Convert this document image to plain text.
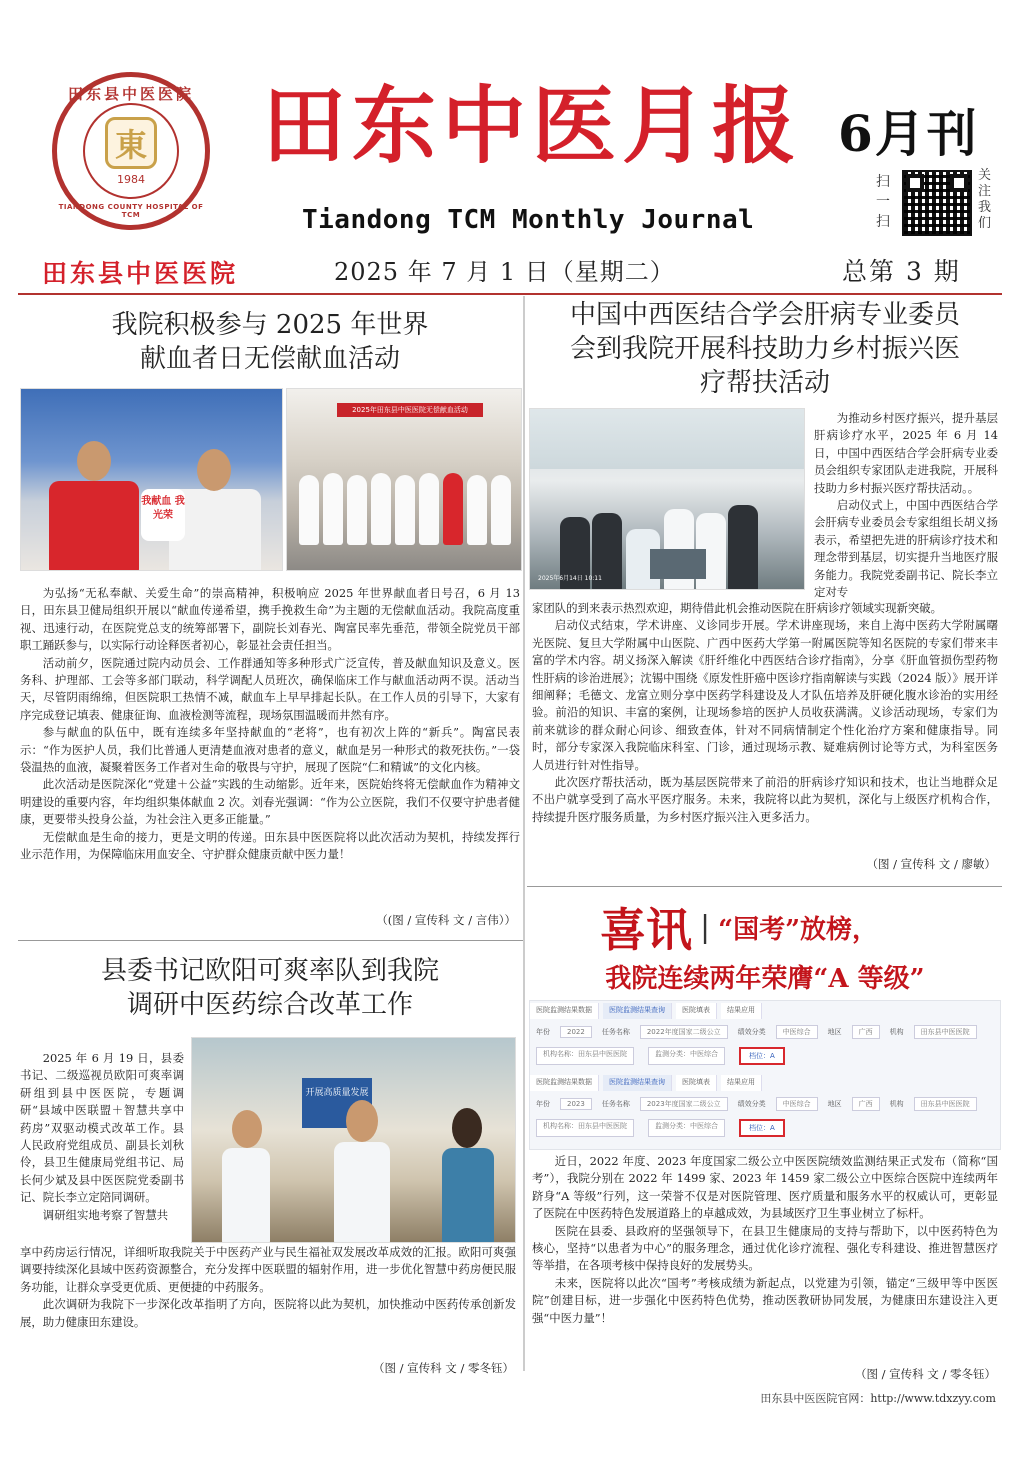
田东县中医医院
東
1984
TIANDONG COUNTY HOSPITAL OF TCM
田东中医月报
Tiandong TCM Monthly Journal
6月刊
扫一扫
关注我们
田东县中医医院	2025 年 7 月 1 日（星期二）	总第 3 期
我院积极参与 2025 年世界
献血者日无偿献血活动
我献血 我光荣
2025年田东县中医医院无偿献血活动

为弘扬“无私奉献、关爱生命”的崇高精神，积极响应 2025 年世界献血者日号召，6 月 13 日，田东县卫健局组织开展以“献血传递希望，携手挽救生命”为主题的无偿献血活动。我院高度重视、迅速行动，在医院党总支的统筹部署下，副院长刘春光、陶富民率先垂范，带领全院党员干部职工踊跃参与，以实际行动诠释医者初心，彰显社会责任担当。

活动前夕，医院通过院内动员会、工作群通知等多种形式广泛宣传，普及献血知识及意义。医务科、护理部、工会等多部门联动，科学调配人员班次，确保临床工作与献血活动两不误。活动当天，尽管阴雨绵绵，但医院职工热情不减，献血车上早早排起长队。在工作人员的引导下，大家有序完成登记填表、健康征询、血液检测等流程，现场氛围温暖而井然有序。

参与献血的队伍中，既有连续多年坚持献血的“老将”，也有初次上阵的“新兵”。陶富民表示：“作为医护人员，我们比普通人更清楚血液对患者的意义，献血是另一种形式的救死扶伤。”一袋袋温热的血液，凝聚着医务工作者对生命的敬畏与守护，展现了医院“仁和精诚”的文化内核。

此次活动是医院深化“党建＋公益”实践的生动缩影。近年来，医院始终将无偿献血作为精神文明建设的重要内容，年均组织集体献血 2 次。刘春光强调：“作为公立医院，我们不仅要守护患者健康，更要带头投身公益，为社会注入更多正能量。”

无偿献血是生命的接力，更是文明的传递。田东县中医医院将以此次活动为契机，持续发挥行业示范作用，为保障临床用血安全、守护群众健康贡献中医力量！

（(图 / 宣传科 文 / 言伟））
中国中西医结合学会肝病专业委员
会到我院开展科技助力乡村振兴医
疗帮扶活动
2025年6月14日 10:11

为推动乡村医疗振兴，提升基层肝病诊疗水平，2025 年 6 月 14 日，中国中西医结合学会肝病专业委员会组织专家团队走进我院，开展科技助力乡村振兴医疗帮扶活动。。

启动仪式上，中国中西医结合学会肝病专业委员会专家组组长胡义扬表示，希望把先进的肝病诊疗技术和理念带到基层，切实提升当地医疗服务能力。我院党委副书记、院长李立定对专

家团队的到来表示热烈欢迎，期待借此机会推动医院在肝病诊疗领域实现新突破。

启动仪式结束，学术讲座、义诊同步开展。学术讲座现场，来自上海中医药大学附属曙光医院、复旦大学附属中山医院、广西中医药大学第一附属医院等知名医院的专家们带来丰富的学术内容。胡义扬深入解读《肝纤维化中西医结合诊疗指南》，分享《肝血管损伤型药物性肝病的诊治进展》；沈锡中围绕《原发性肝癌中医诊疗指南解读与实践（2024 版）》展开详细阐释；毛德文、龙富立则分享中医药学科建设及人才队伍培养及肝硬化腹水诊治的实用经验。前沿的知识、丰富的案例，让现场参培的医护人员收获满满。义诊活动现场，专家们为前来就诊的群众耐心问诊、细致查体，针对不同病情制定个性化治疗方案和健康指导。同时，部分专家深入我院临床科室、门诊，通过现场示教、疑难病例讨论等方式，为科室医务人员进行针对性指导。

此次医疗帮扶活动，既为基层医院带来了前沿的肝病诊疗知识和技术，也让当地群众足不出户就享受到了高水平医疗服务。未来，我院将以此为契机，深化与上级医疗机构合作，持续提升医疗服务质量，为乡村医疗振兴注入更多活力。

（图 / 宣传科 文 / 廖敏）
县委书记欧阳可爽率队到我院
调研中医药综合改革工作

2025 年 6 月 19 日，县委书记、二级巡视员欧阳可爽率调研组到县中医医院，专题调研“县域中医联盟＋智慧共享中药房”双驱动模式改革工作。县人民政府党组成员、副县长刘秋伶，县卫生健康局党组书记、局长何少斌及县中医医院党委副书记、院长李立定陪同调研。

调研组实地考察了智慧共

开展高质量发展
享中药房运行情况，详细听取我院关于中医药产业与民生福祉双发展改革成效的汇报。欧阳可爽强调要持续深化县域中医药资源整合，充分发挥中医联盟的辐射作用，进一步优化智慧中药房便民服务功能，让群众享受更优质、更便捷的中药服务。

此次调研为我院下一步深化改革指明了方向，医院将以此为契机，加快推动中医药传承创新发展，助力健康田东建设。

（图 / 宣传科 文 / 零冬钰）
喜讯 | “国考”放榜，
我院连续两年荣膺“A 等级”
医院监测结果数据	医院监测结果查询	医院填表	结果应用
年份	2022	任务名称	2022年度国家二级公立	绩效分类	中医综合	地区	广西	机构	田东县中医医院
机构名称：田东县中医医院	监测分类：中医综合	档位：A
医院监测结果数据	医院监测结果查询	医院填表	结果应用
年份	2023	任务名称	2023年度国家二级公立	绩效分类	中医综合	地区	广西	机构	田东县中医医院
机构名称：田东县中医医院	监测分类：中医综合	档位：A

近日，2022 年度、2023 年度国家二级公立中医医院绩效监测结果正式发布（简称“国考”），我院分别在 2022 年 1499 家、2023 年 1459 家二级公立中医综合医院中连续两年跻身“A 等级”行列，这一荣誉不仅是对医院管理、医疗质量和服务水平的权威认可，更彰显了医院在中医药特色发展道路上的卓越成效，为县域医疗卫生事业树立了标杆。

医院在县委、县政府的坚强领导下，在县卫生健康局的支持与帮助下，以中医药特色为核心，坚持“以患者为中心”的服务理念，通过优化诊疗流程、强化专科建设、推进智慧医疗等举措，在各项考核中保持良好的发展势头。

未来，医院将以此次“国考”考核成绩为新起点，以党建为引领，锚定“三级甲等中医医院”创建目标，进一步强化中医药特色优势，推动医教研协同发展，为健康田东建设注入更强“中医力量”！

（图 / 宣传科 文 / 零冬钰）
田东县中医医院官网：http://www.tdxzyy.com
